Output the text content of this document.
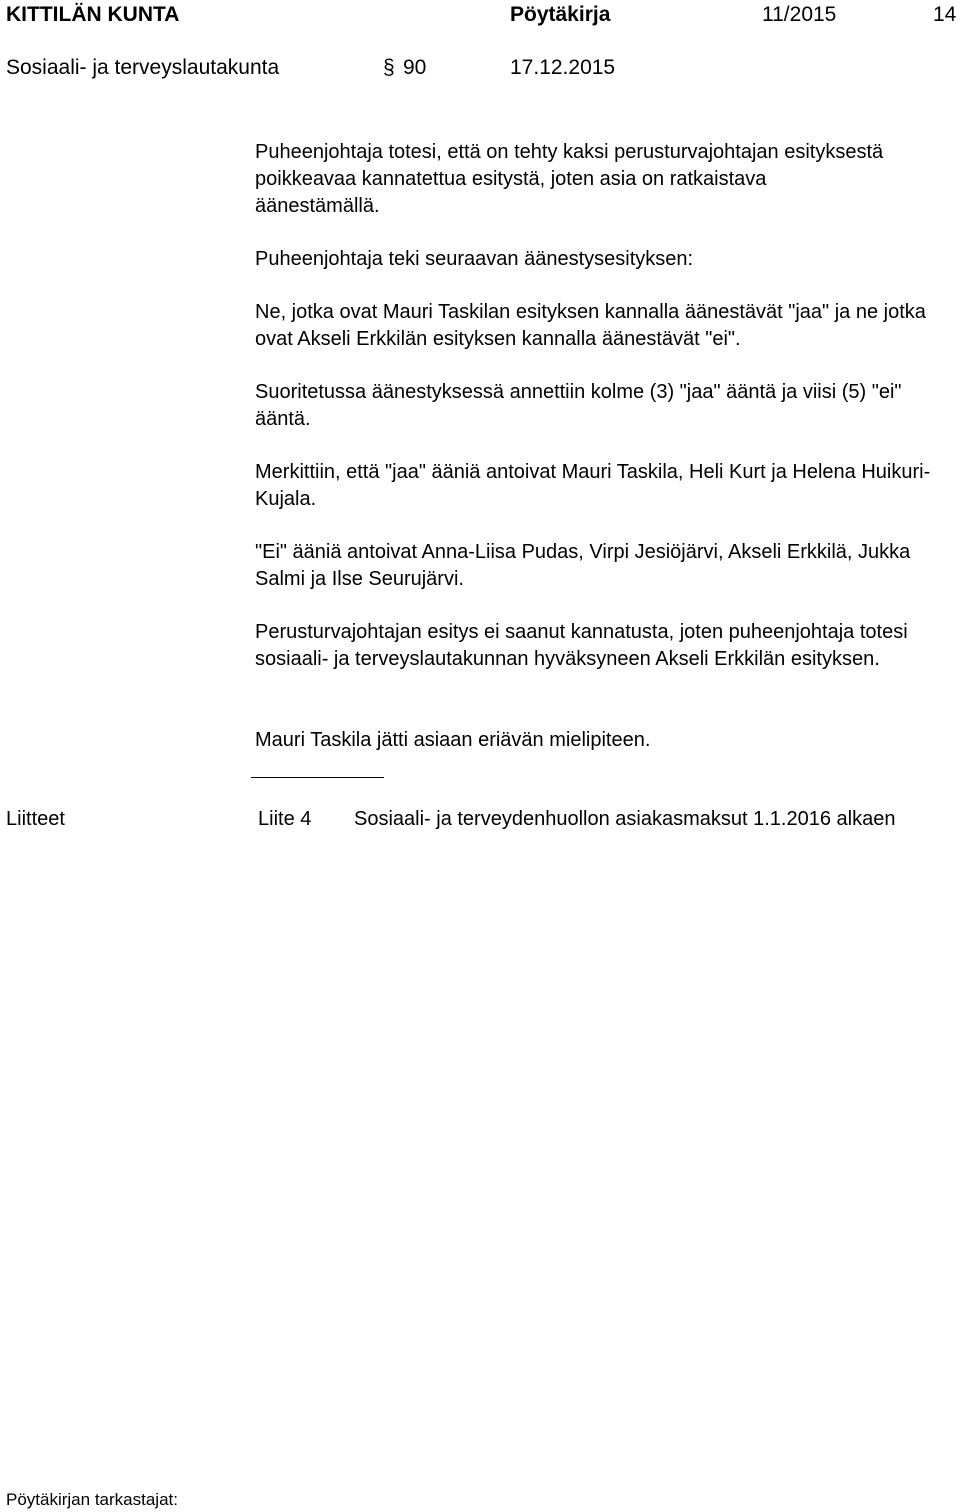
KITTILÄN KUNTA	Pöytäkirja	11/2015	14
Sosiaali- ja terveyslautakunta	§ 90	17.12.2015
Puheenjohtaja totesi, että on tehty kaksi perusturvajohtajan esityksestä poikkeavaa kannatettua esitystä, joten asia on ratkaistava äänestämällä.
Puheenjohtaja teki seuraavan äänestysesityksen:
Ne, jotka ovat Mauri Taskilan esityksen kannalla äänestävät "jaa" ja ne jotka ovat Akseli Erkkilän esityksen kannalla äänestävät "ei".
Suoritetussa äänestyksessä annettiin kolme (3) "jaa" ääntä ja viisi (5) "ei" ääntä.
Merkittiin, että "jaa" ääniä antoivat Mauri Taskila, Heli Kurt ja Helena Huikuri-Kujala.
"Ei" ääniä antoivat Anna-Liisa Pudas, Virpi Jesiöjärvi, Akseli Erkkilä, Jukka Salmi ja Ilse Seurujärvi.
Perusturvajohtajan esitys ei saanut kannatusta, joten puheenjohtaja totesi sosiaali- ja terveyslautakunnan hyväksyneen Akseli Erkkilän esityksen.
Mauri Taskila jätti asiaan eriävän mielipiteen.
Liitteet	Liite 4 Sosiaali- ja terveydenhuollon asiakasmaksut 1.1.2016 alkaen
Pöytäkirjan tarkastajat:
